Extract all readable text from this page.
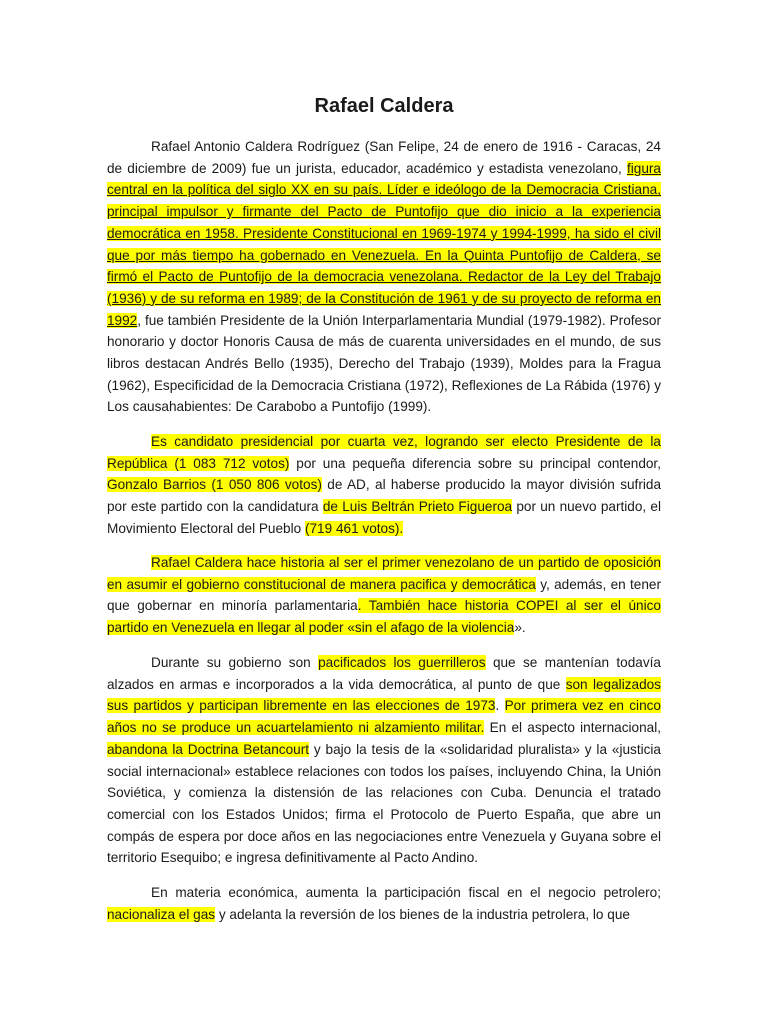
Rafael Caldera

Rafael Antonio Caldera Rodríguez (San Felipe, 24 de enero de 1916 - Caracas, 24 de diciembre de 2009) fue un jurista, educador, académico y estadista venezolano, figura central en la política del siglo XX en su país. Líder e ideólogo de la Democracia Cristiana, principal impulsor y firmante del Pacto de Puntofijo que dio inicio a la experiencia democrática en 1958. Presidente Constitucional en 1969-1974 y 1994-1999, ha sido el civil que por más tiempo ha gobernado en Venezuela. En la Quinta Puntofijo de Caldera, se firmó el Pacto de Puntofijo de la democracia venezolana. Redactor de la Ley del Trabajo (1936) y de su reforma en 1989; de la Constitución de 1961 y de su proyecto de reforma en 1992, fue también Presidente de la Unión Interparlamentaria Mundial (1979-1982). Profesor honorario y doctor Honoris Causa de más de cuarenta universidades en el mundo, de sus libros destacan Andrés Bello (1935), Derecho del Trabajo (1939), Moldes para la Fragua (1962), Especificidad de la Democracia Cristiana (1972), Reflexiones de La Rábida (1976) y Los causahabientes: De Carabobo a Puntofijo (1999).

Es candidato presidencial por cuarta vez, logrando ser electo Presidente de la República (1 083 712 votos) por una pequeña diferencia sobre su principal contendor, Gonzalo Barrios (1 050 806 votos) de AD, al haberse producido la mayor división sufrida por este partido con la candidatura de Luis Beltrán Prieto Figueroa por un nuevo partido, el Movimiento Electoral del Pueblo (719 461 votos).

Rafael Caldera hace historia al ser el primer venezolano de un partido de oposición en asumir el gobierno constitucional de manera pacifica y democrática y, además, en tener que gobernar en minoría parlamentaria. También hace historia COPEI al ser el único partido en Venezuela en llegar al poder «sin el afago de la violencia».

Durante su gobierno son pacificados los guerrilleros que se mantenían todavía alzados en armas e incorporados a la vida democrática, al punto de que son legalizados sus partidos y participan libremente en las elecciones de 1973. Por primera vez en cinco años no se produce un acuartelamiento ni alzamiento militar. En el aspecto internacional, abandona la Doctrina Betancourt y bajo la tesis de la «solidaridad pluralista» y la «justicia social internacional» establece relaciones con todos los países, incluyendo China, la Unión Soviética, y comienza la distensión de las relaciones con Cuba. Denuncia el tratado comercial con los Estados Unidos; firma el Protocolo de Puerto España, que abre un compás de espera por doce años en las negociaciones entre Venezuela y Guyana sobre el territorio Esequibo; e ingresa definitivamente al Pacto Andino.

En materia económica, aumenta la participación fiscal en el negocio petrolero; nacionaliza el gas y adelanta la reversión de los bienes de la industria petrolera, lo que
